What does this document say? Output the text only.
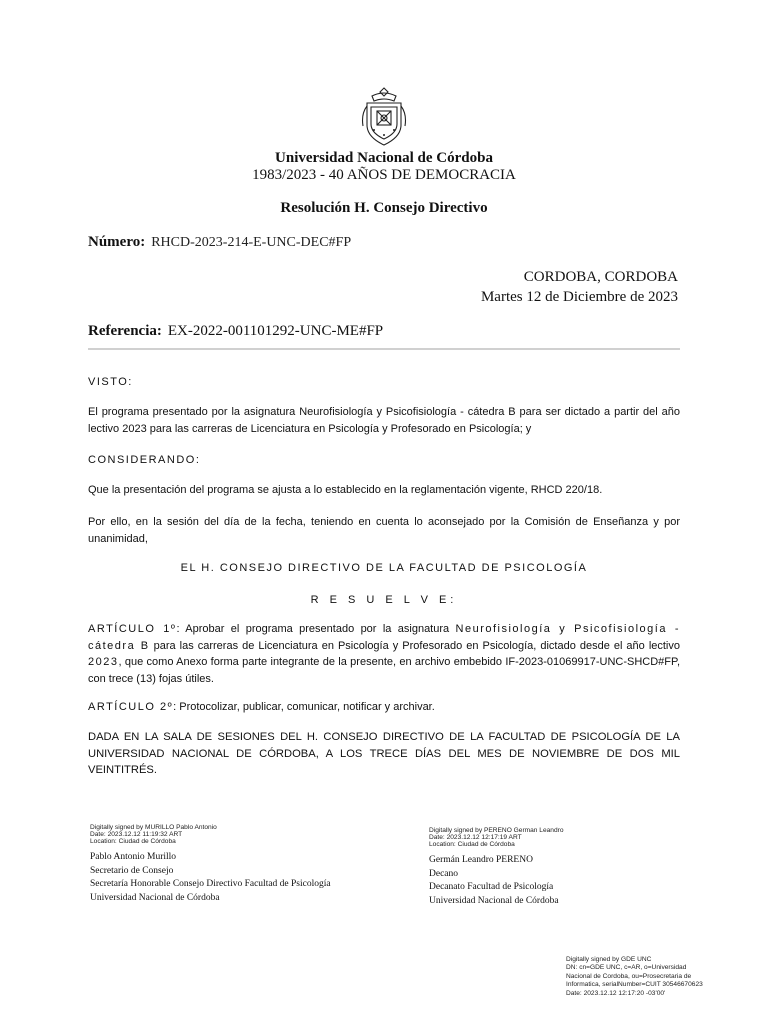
Universidad Nacional de Córdoba
1983/2023 - 40 AÑOS DE DEMOCRACIA
Resolución H. Consejo Directivo
Número: RHCD-2023-214-E-UNC-DEC#FP
CORDOBA, CORDOBA
Martes 12 de Diciembre de 2023
Referencia: EX-2022-001101292-UNC-ME#FP
VISTO:
El programa presentado por la asignatura Neurofisiología y Psicofisiología - cátedra B para ser dictado a partir del año lectivo 2023 para las carreras de Licenciatura en Psicología y Profesorado en Psicología; y
CONSIDERANDO:
Que la presentación del programa se ajusta a lo establecido en la reglamentación vigente, RHCD 220/18.
Por ello, en la sesión del día de la fecha, teniendo en cuenta lo aconsejado por la Comisión de Enseñanza y por unanimidad,
EL H. CONSEJO DIRECTIVO DE LA FACULTAD DE PSICOLOGÍA
R E S U E L V E:
ARTÍCULO 1º: Aprobar el programa presentado por la asignatura Neurofisiología y Psicofisiología - cátedra B para las carreras de Licenciatura en Psicología y Profesorado en Psicología, dictado desde el año lectivo 2023, que como Anexo forma parte integrante de la presente, en archivo embebido IF-2023-01069917-UNC-SHCD#FP, con trece (13) fojas útiles.
ARTÍCULO 2º: Protocolizar, publicar, comunicar, notificar y archivar.
DADA EN LA SALA DE SESIONES DEL H. CONSEJO DIRECTIVO DE LA FACULTAD DE PSICOLOGÍA DE LA UNIVERSIDAD NACIONAL DE CÓRDOBA, A LOS TRECE DÍAS DEL MES DE NOVIEMBRE DE DOS MIL VEINTITRÉS.
Digitally signed by MURILLO Pablo Antonio
Date: 2023.12.12 11:19:32 ART
Location: Ciudad de Córdoba
Pablo Antonio Murillo
Secretario de Consejo
Secretaría Honorable Consejo Directivo Facultad de Psicología
Universidad Nacional de Córdoba
Digitally signed by PERENO German Leandro
Date: 2023.12.12 12:17:19 ART
Location: Ciudad de Córdoba
Germán Leandro PERENO
Decano
Decanato Facultad de Psicología
Universidad Nacional de Córdoba
Digitally signed by GDE UNC
DN: cn=GDE UNC, c=AR, o=Universidad
Nacional de Cordoba, ou=Prosecretaria de
Informatica, serialNumber=CUIT 30546670623
Date: 2023.12.12 12:17:20 -03'00'
